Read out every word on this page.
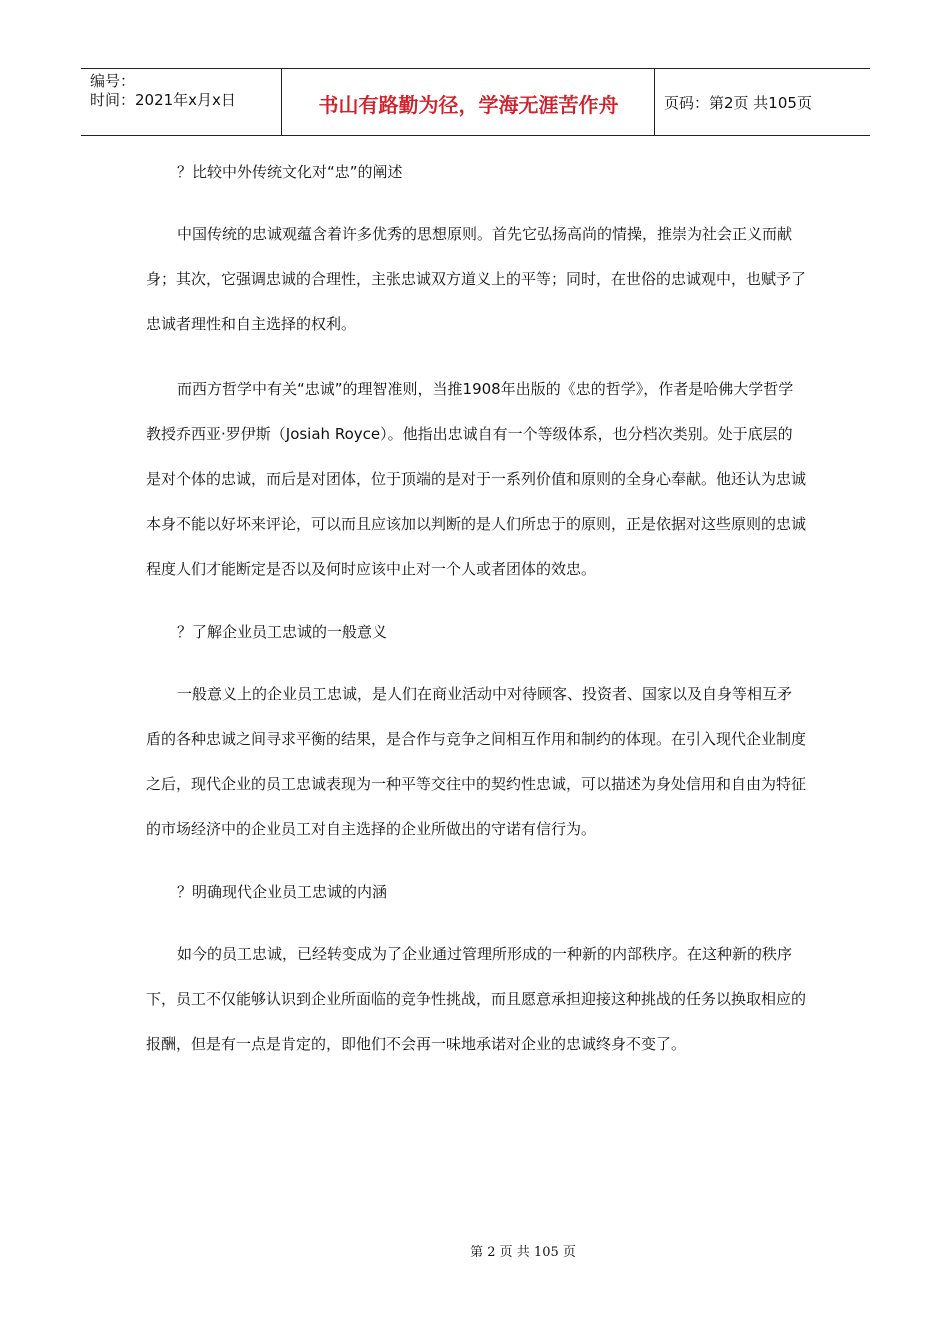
编号：
时间：2021年x月x日	书山有路勤为径，学海无涯苦作舟	页码：第2页 共105页
？比较中外传统文化对“忠”的阐述
中国传统的忠诚观蕴含着许多优秀的思想原则。首先它弘扬高尚的情操，推崇为社会正义而献身；其次，它强调忠诚的合理性，主张忠诚双方道义上的平等；同时，在世俗的忠诚观中，也赋予了忠诚者理性和自主选择的权利。
而西方哲学中有关“忠诚”的理智准则，当推1908年出版的《忠的哲学》，作者是哈佛大学哲学教授乔西亚·罗伊斯（Josiah Royce）。他指出忠诚自有一个等级体系，也分档次类别。处于底层的是对个体的忠诚，而后是对团体，位于顶端的是对于一系列价值和原则的全身心奉献。他还认为忠诚本身不能以好坏来评论，可以而且应该加以判断的是人们所忠于的原则，正是依据对这些原则的忠诚程度人们才能断定是否以及何时应该中止对一个人或者团体的效忠。
？了解企业员工忠诚的一般意义
一般意义上的企业员工忠诚，是人们在商业活动中对待顾客、投资者、国家以及自身等相互矛盾的各种忠诚之间寻求平衡的结果，是合作与竞争之间相互作用和制约的体现。在引入现代企业制度之后，现代企业的员工忠诚表现为一种平等交往中的契约性忠诚，可以描述为身处信用和自由为特征的市场经济中的企业员工对自主选择的企业所做出的守诺有信行为。
？明确现代企业员工忠诚的内涵
如今的员工忠诚，已经转变成为了企业通过管理所形成的一种新的内部秩序。在这种新的秩序下，员工不仅能够认识到企业所面临的竞争性挑战，而且愿意承担迎接这种挑战的任务以换取相应的报酬，但是有一点是肯定的，即他们不会再一味地承诺对企业的忠诚终身不变了。
第 2 页 共 105 页
